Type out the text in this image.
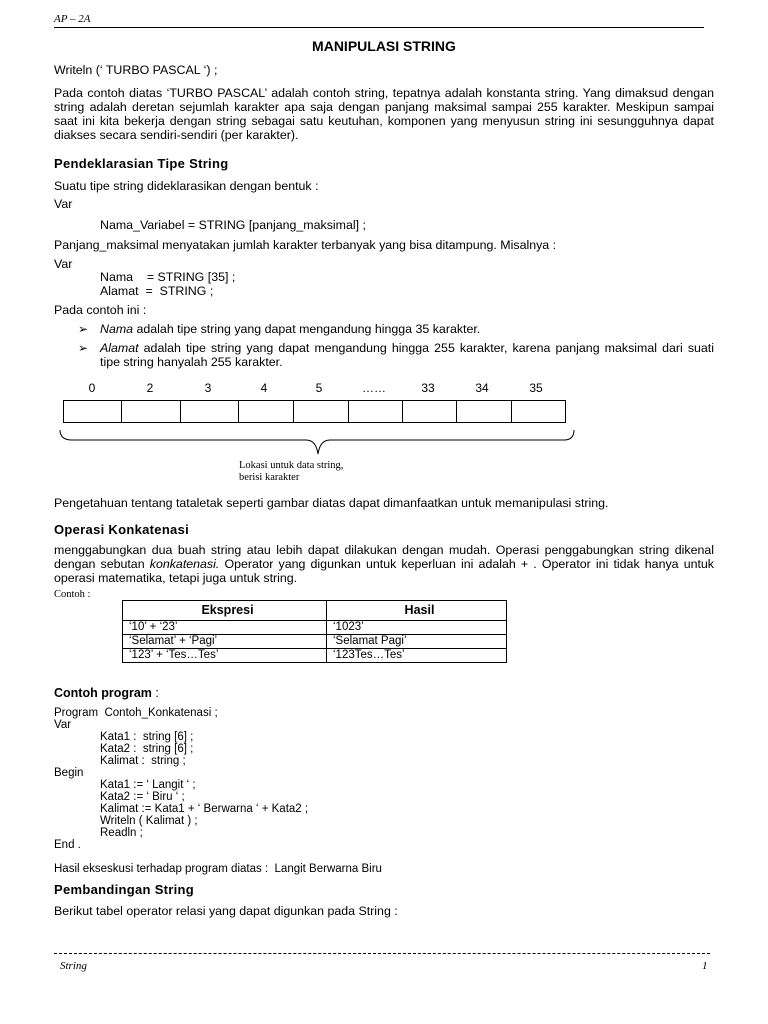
AP – 2A
MANIPULASI STRING
Writeln (‘ TURBO PASCAL ‘) ;
Pada contoh diatas ‘TURBO PASCAL’ adalah contoh string, tepatnya adalah konstanta string. Yang dimaksud dengan string adalah deretan sejumlah karakter apa saja dengan panjang maksimal sampai 255 karakter. Meskipun sampai saat ini kita bekerja dengan string sebagai satu keutuhan, komponen yang menyusun string ini sesungguhnya dapat diakses secara sendiri-sendiri (per karakter).
Pendeklarasian Tipe String
Suatu tipe string dideklarasikan dengan bentuk :
Var
Nama_Variabel = STRING [panjang_maksimal] ;
Panjang_maksimal menyatakan jumlah karakter terbanyak yang bisa ditampung. Misalnya :
Var
Nama    = STRING [35] ;
Alamat  =  STRING ;
Pada contoh ini :
➢ Nama adalah tipe string yang dapat mengandung hingga 35 karakter.
➢ Alamat adalah tipe string yang dapat mengandung hingga 255 karakter, karena panjang maksimal dari suati tipe string hanyalah 255 karakter.
0	2	3	4	5	……	33	34	35
Lokasi untuk data string,
berisi karakter
Pengetahuan tentang tataletak seperti gambar diatas dapat dimanfaatkan untuk memanipulasi string.
Operasi Konkatenasi
menggabungkan dua buah string atau lebih dapat dilakukan dengan mudah. Operasi penggabungkan string dikenal dengan sebutan konkatenasi. Operator yang digunkan untuk keperluan ini adalah + . Operator ini tidak hanya untuk operasi matematika, tetapi juga untuk string.
Contoh :
Ekspresi	Hasil
‘10’ + ‘23’	‘1023’
‘Selamat’ + ‘Pagi’	‘Selamat Pagi’
‘123’ + ‘Tes…Tes’	‘123Tes…Tes’
Contoh program :
Program  Contoh_Konkatenasi ;
Var
Kata1 :  string [6] ;
Kata2 :  string [6] ;
Kalimat :  string ;
Begin
Kata1 := ‘ Langit ‘ ;
Kata2 := ‘ Biru ‘ ;
Kalimat := Kata1 + ‘ Berwarna ‘ + Kata2 ;
Writeln ( Kalimat ) ;
Readln ;
End .
Hasil ekseskusi terhadap program diatas :  Langit Berwarna Biru
Pembandingan String
Berikut tabel operator relasi yang dapat digunkan pada String :
String	1
